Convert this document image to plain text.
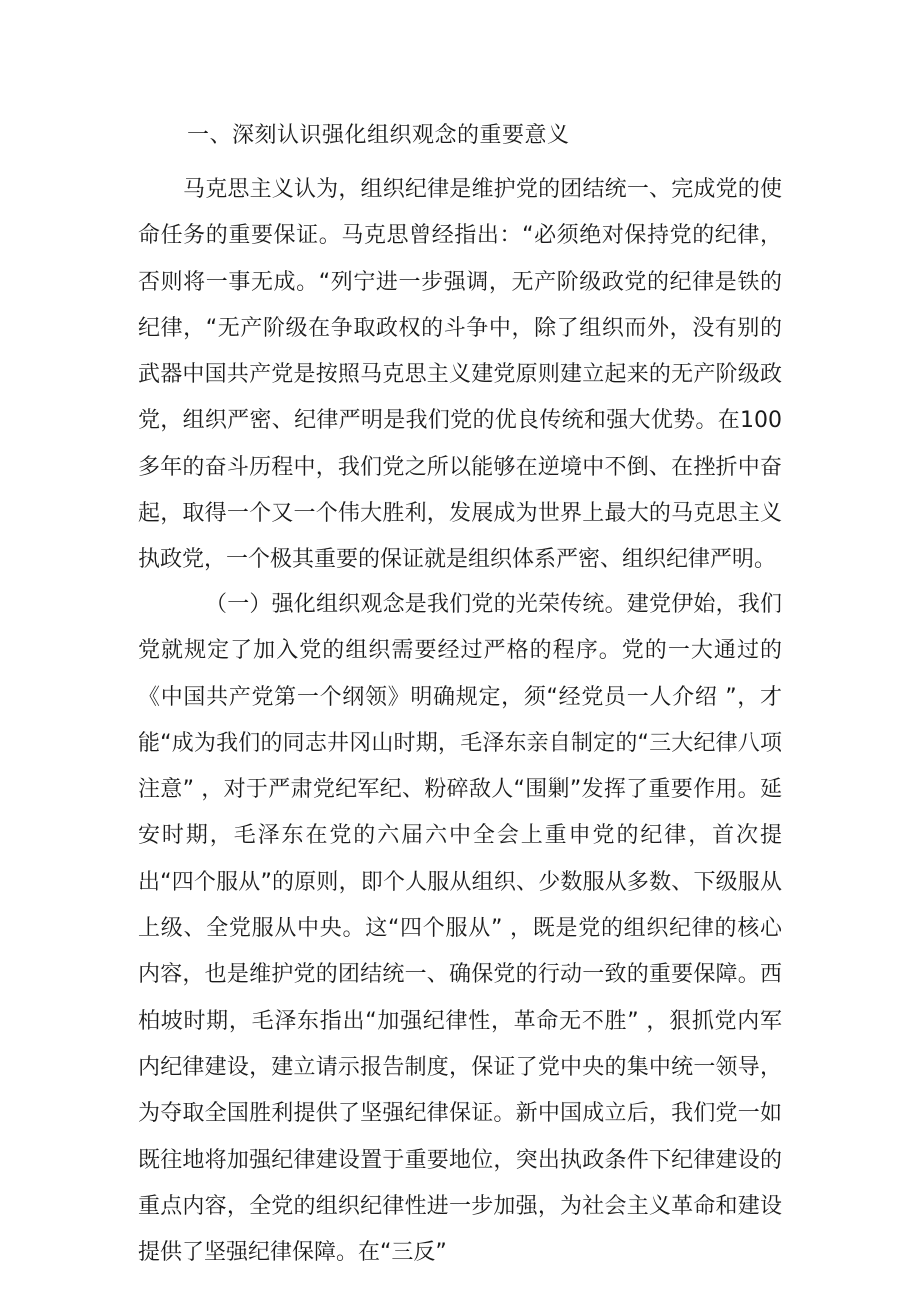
一、深刻认识强化组织观念的重要意义

马克思主义认为，组织纪律是维护党的团结统一、完成党的使命任务的重要保证。马克思曾经指出：“必须绝对保持党的纪律，否则将一事无成。“列宁进一步强调，无产阶级政党的纪律是铁的纪律，“无产阶级在争取政权的斗争中，除了组织而外，没有别的武器中国共产党是按照马克思主义建党原则建立起来的无产阶级政党，组织严密、纪律严明是我们党的优良传统和强大优势。在100多年的奋斗历程中，我们党之所以能够在逆境中不倒、在挫折中奋起，取得一个又一个伟大胜利，发展成为世界上最大的马克思主义执政党，一个极其重要的保证就是组织体系严密、组织纪律严明。

（一）强化组织观念是我们党的光荣传统。建党伊始，我们党就规定了加入党的组织需要经过严格的程序。党的一大通过的《中国共产党第一个纲领》明确规定，须“经党员一人介绍 ”，才能“成为我们的同志井冈山时期，毛泽东亲自制定的“三大纪律八项注意” ，对于严肃党纪军纪、粉碎敌人“围剿”发挥了重要作用。延安时期，毛泽东在党的六届六中全会上重申党的纪律，首次提出“四个服从”的原则，即个人服从组织、少数服从多数、下级服从上级、全党服从中央。这“四个服从” ，既是党的组织纪律的核心内容，也是维护党的团结统一、确保党的行动一致的重要保障。西柏坡时期，毛泽东指出“加强纪律性，革命无不胜” ，狠抓党内军内纪律建设，建立请示报告制度，保证了党中央的集中统一领导，为夺取全国胜利提供了坚强纪律保证。新中国成立后，我们党一如既往地将加强纪律建设置于重要地位，突出执政条件下纪律建设的重点内容，全党的组织纪律性进一步加强，为社会主义革命和建设提供了坚强纪律保障。在“三反”
